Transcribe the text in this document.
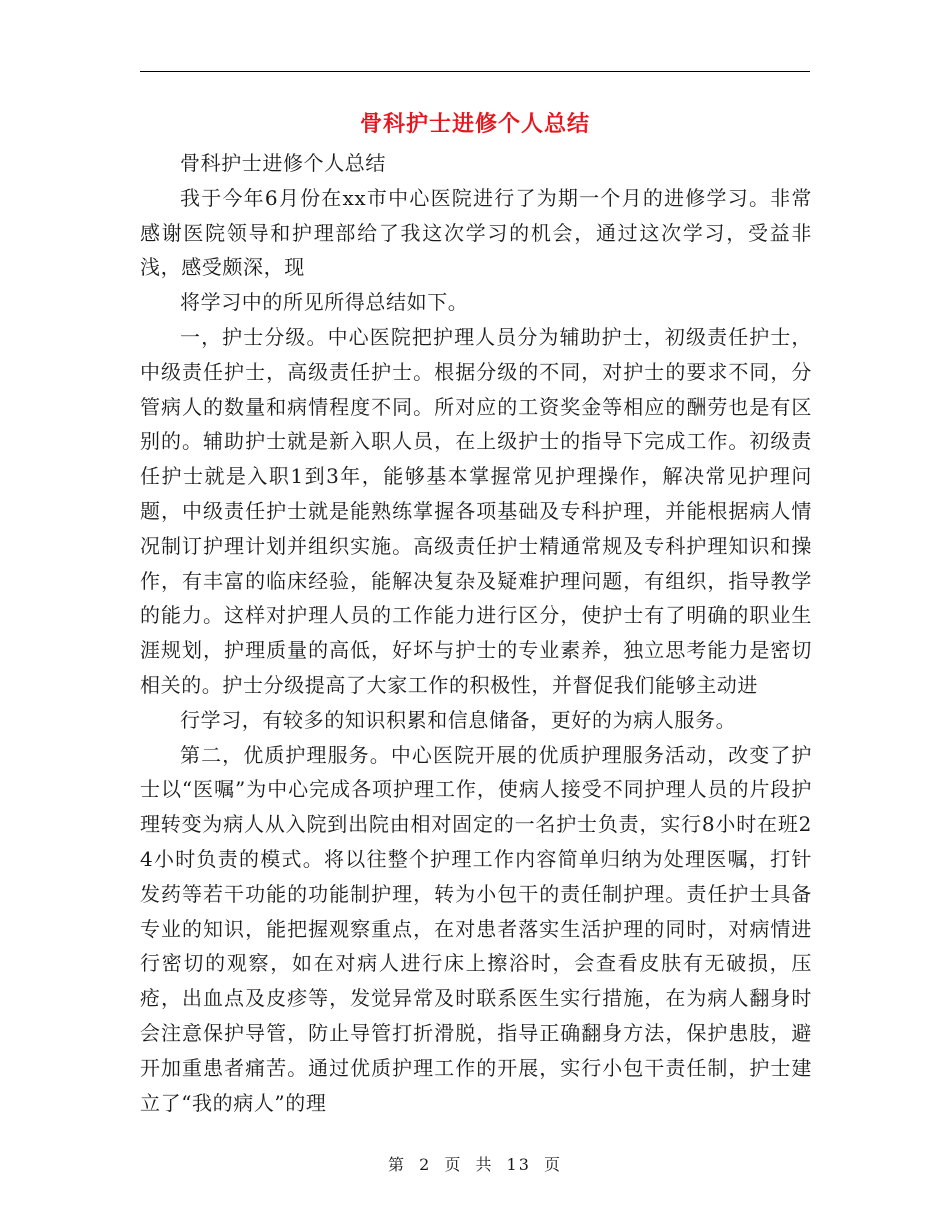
骨科护士进修个人总结

骨科护士进修个人总结

我于今年6月份在xx市中心医院进行了为期一个月的进修学习。非常感谢医院领导和护理部给了我这次学习的机会，通过这次学习，受益非浅，感受颇深，现

将学习中的所见所得总结如下。

一，护士分级。中心医院把护理人员分为辅助护士，初级责任护士，中级责任护士，高级责任护士。根据分级的不同，对护士的要求不同，分管病人的数量和病情程度不同。所对应的工资奖金等相应的酬劳也是有区别的。辅助护士就是新入职人员，在上级护士的指导下完成工作。初级责任护士就是入职1到3年，能够基本掌握常见护理操作，解决常见护理问题，中级责任护士就是能熟练掌握各项基础及专科护理，并能根据病人情况制订护理计划并组织实施。高级责任护士精通常规及专科护理知识和操作，有丰富的临床经验，能解决复杂及疑难护理问题，有组织，指导教学的能力。这样对护理人员的工作能力进行区分，使护士有了明确的职业生涯规划，护理质量的高低，好坏与护士的专业素养，独立思考能力是密切相关的。护士分级提高了大家工作的积极性，并督促我们能够主动进

行学习，有较多的知识积累和信息储备，更好的为病人服务。

第二，优质护理服务。中心医院开展的优质护理服务活动，改变了护士以“医嘱”为中心完成各项护理工作，使病人接受不同护理人员的片段护理转变为病人从入院到出院由相对固定的一名护士负责，实行8小时在班24小时负责的模式。将以往整个护理工作内容简单归纳为处理医嘱，打针发药等若干功能的功能制护理，转为小包干的责任制护理。责任护士具备专业的知识，能把握观察重点，在对患者落实生活护理的同时，对病情进行密切的观察，如在对病人进行床上擦浴时，会查看皮肤有无破损，压疮，出血点及皮疹等，发觉异常及时联系医生实行措施，在为病人翻身时会注意保护导管，防止导管打折滑脱，指导正确翻身方法，保护患肢，避开加重患者痛苦。通过优质护理工作的开展，实行小包干责任制，护士建立了“我的病人”的理

第 2 页 共 13 页
